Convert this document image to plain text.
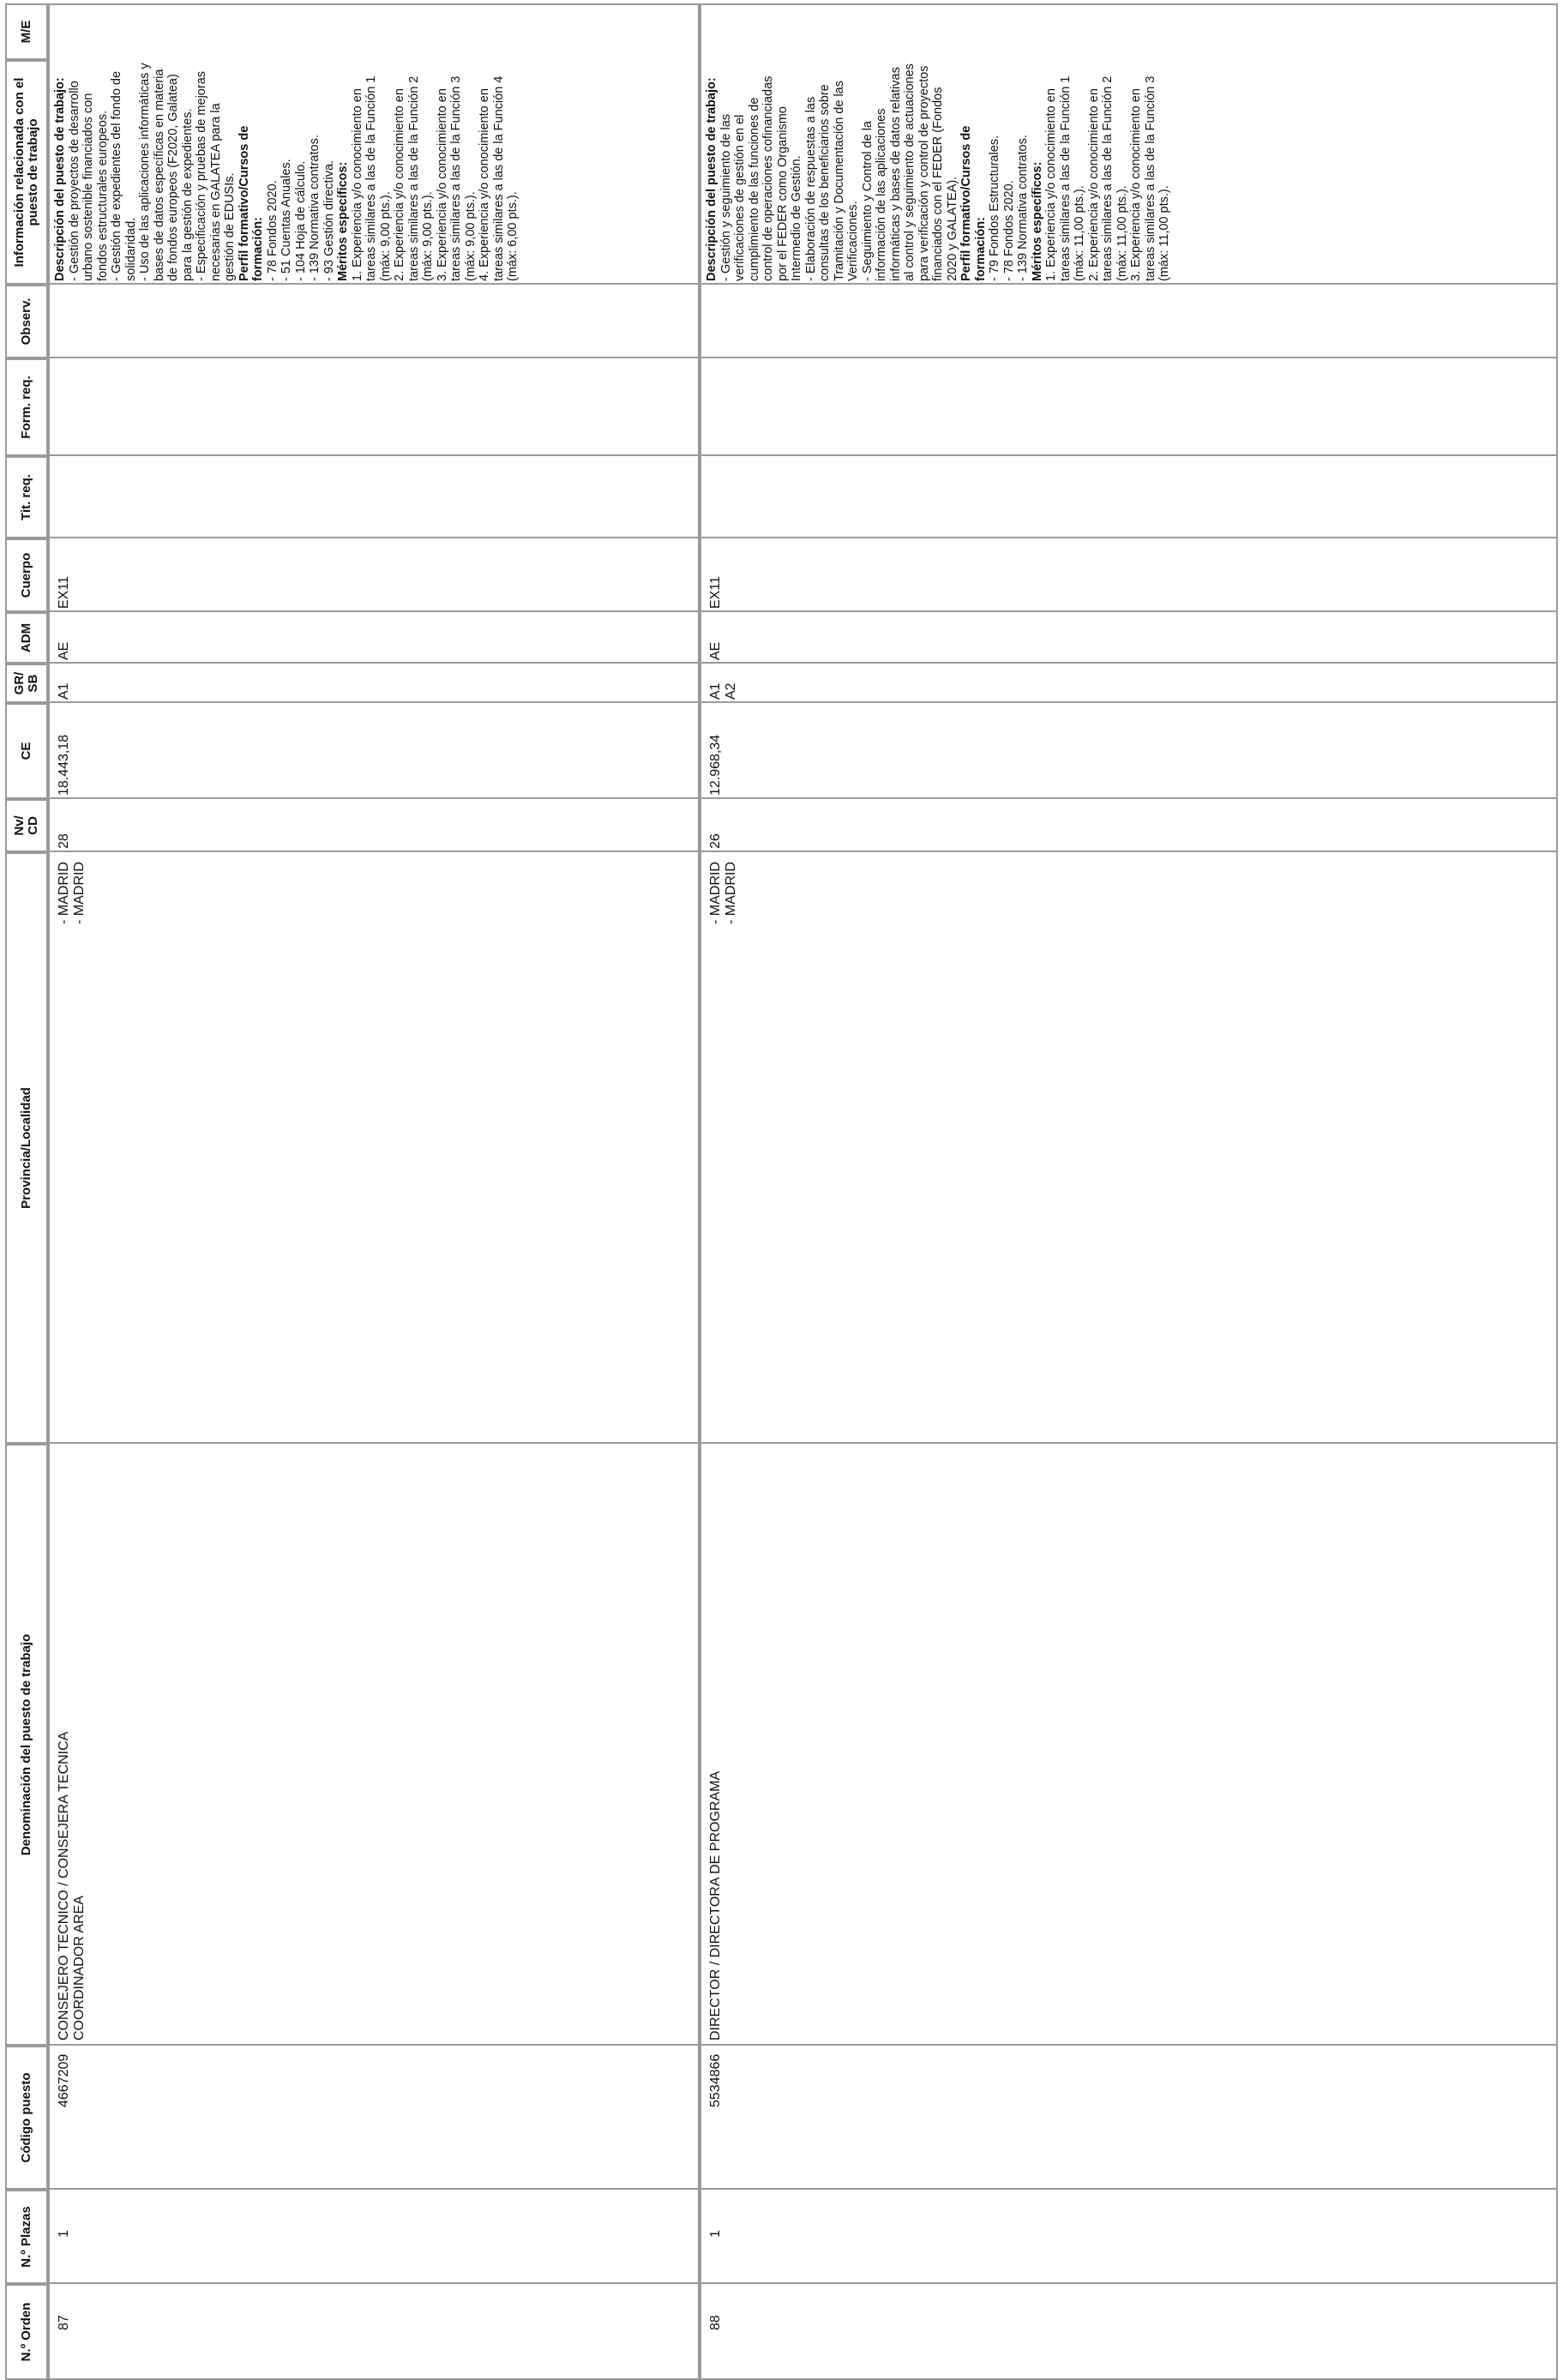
N.º Orden
N.º Plazas
Código puesto
Denominación del puesto de trabajo
Provincia/Localidad
Nv/
CD
CE
GR/
SB
ADM
Cuerpo
Tit. req.
Form. req.
Observ.
Información relacionada con el puesto de trabajo
M/E
87
1
4667209
CONSEJERO TECNICO / CONSEJERA TECNICA
COORDINADOR AREA
- MADRID
- MADRID
28
18.443,18
A1
AE
EX11

Descripción del puesto de trabajo: - Gestión de proyectos de desarrollo urbano sostenible financiados con fondos estructurales europeos. - Gestión de expedientes del fondo de solidaridad. - Uso de las aplicaciones informáticas y bases de datos específicas en materia de fondos europeos (F2020, Galatea) para la gestión de expedientes. - Especificación y pruebas de mejoras necesarias en GALATEA para la gestión de EDUSIs. Perfil formativo/Cursos de formación: - 78 Fondos 2020. - 51 Cuentas Anuales. - 104 Hoja de cálculo. - 139 Normativa contratos. - 93 Gestión directiva. Méritos específicos: 1. Experiencia y/o conocimiento en tareas similares a las de la Función 1 (máx: 9,00 pts.). 2. Experiencia y/o conocimiento en tareas similares a las de la Función 2 (máx: 9,00 pts.). 3. Experiencia y/o conocimiento en tareas similares a las de la Función 3 (máx: 9,00 pts.). 4. Experiencia y/o conocimiento en tareas similares a las de la Función 4 (máx: 6,00 pts.).

88
1
5534866
DIRECTOR / DIRECTORA DE PROGRAMA
- MADRID
- MADRID
26
12.968,34
A1
A2
AE
EX11

Descripción del puesto de trabajo: - Gestión y seguimiento de las verificaciones de gestión en el cumplimiento de las funciones de control de operaciones cofinanciadas por el FEDER como Organismo Intermedio de Gestión. - Elaboración de respuestas a las consultas de los beneficiarios sobre Tramitación y Documentación de las Verificaciones. - Seguimiento y Control de la información de las aplicaciones informáticas y bases de datos relativas al control y seguimiento de actuaciones para verificación y control de proyectos financiados con el FEDER (Fondos 2020 y GALATEA). Perfil formativo/Cursos de formación: - 79 Fondos Estructurales. - 78 Fondos 2020. - 139 Normativa contratos. Méritos específicos: 1. Experiencia y/o conocimiento en tareas similares a las de la Función 1 (máx: 11,00 pts.). 2. Experiencia y/o conocimiento en tareas similares a las de la Función 2 (máx: 11,00 pts.). 3. Experiencia y/o conocimiento en tareas similares a las de la Función 3 (máx: 11,00 pts.).
